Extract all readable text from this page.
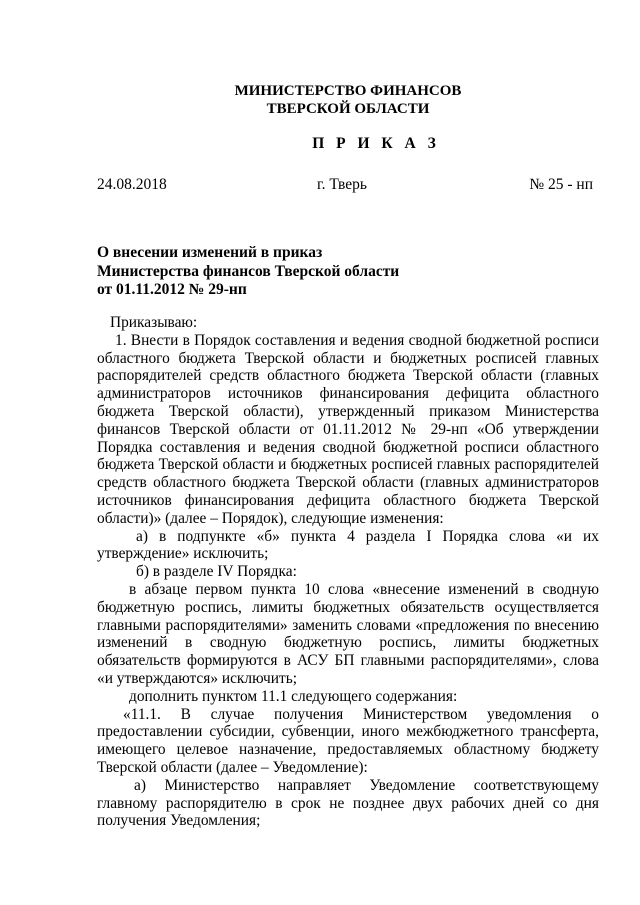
МИНИСТЕРСТВО ФИНАНСОВ
ТВЕРСКОЙ ОБЛАСТИ
П Р И К А З
24.08.2018	г. Тверь	№ 25 - нп
О внесении изменений в приказ
Министерства финансов Тверской области
от 01.11.2012 № 29-нп

Приказываю:

1. Внести в Порядок составления и ведения сводной бюджетной росписи областного бюджета Тверской области и бюджетных росписей главных распорядителей средств областного бюджета Тверской области (главных администраторов источников финансирования дефицита областного бюджета Тверской области), утвержденный приказом Министерства финансов Тверской области от 01.11.2012 № 29-нп «Об утверждении Порядка составления и ведения сводной бюджетной росписи областного бюджета Тверской области и бюджетных росписей главных распорядителей средств областного бюджета Тверской области (главных администраторов источников финансирования дефицита областного бюджета Тверской области)» (далее – Порядок), следующие изменения:

а) в подпункте «б» пункта 4 раздела I Порядка слова «и их утверждение» исключить;

б) в разделе IV Порядка:

в абзаце первом пункта 10 слова «внесение изменений в сводную бюджетную роспись, лимиты бюджетных обязательств осуществляется главными распорядителями» заменить словами «предложения по внесению изменений в сводную бюджетную роспись, лимиты бюджетных обязательств формируются в АСУ БП главными распорядителями», слова «и утверждаются» исключить;

дополнить пунктом 11.1 следующего содержания:

«11.1. В случае получения Министерством уведомления о предоставлении субсидии, субвенции, иного межбюджетного трансферта, имеющего целевое назначение, предоставляемых областному бюджету Тверской области (далее – Уведомление):

а) Министерство направляет Уведомление соответствующему главному распорядителю в срок не позднее двух рабочих дней со дня получения Уведомления;
